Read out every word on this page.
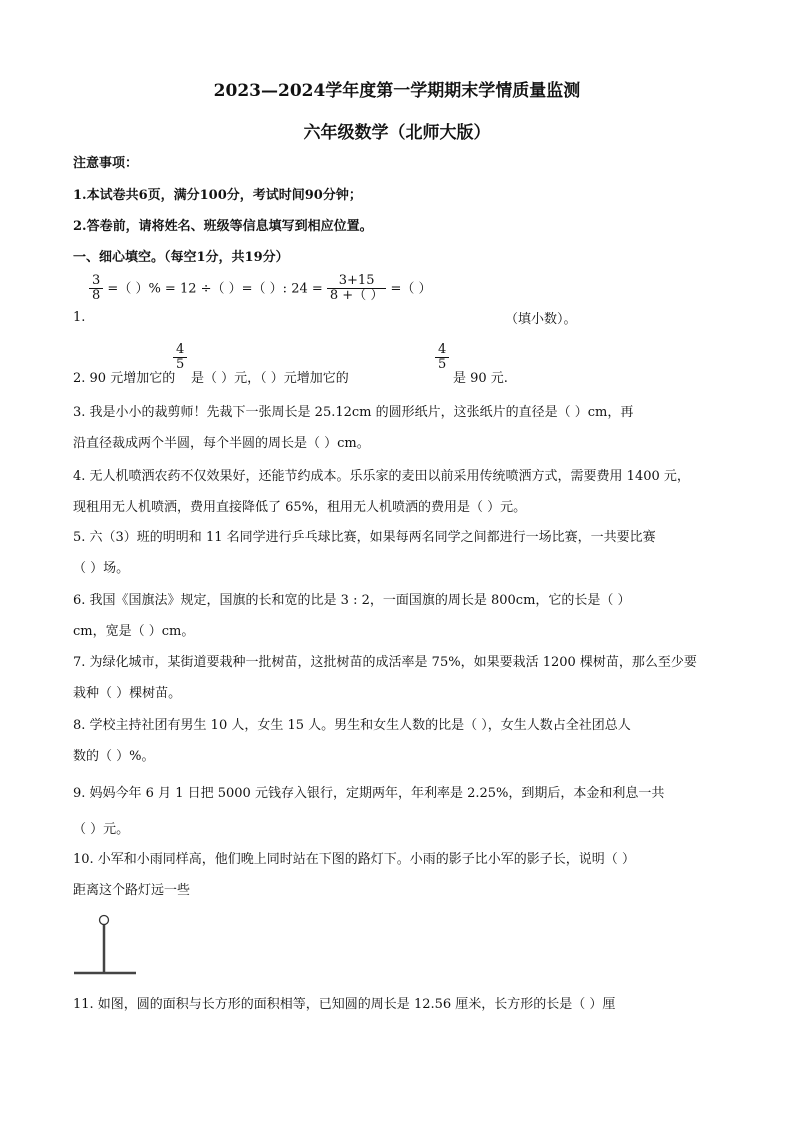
2023—2024学年度第一学期期末学情质量监测
六年级数学（北师大版）
注意事项：
1.本试卷共6页，满分100分，考试时间90分钟；
2.答卷前，请将姓名、班级等信息填写到相应位置。
一、细心填空。（每空1分，共19分）
1.
$\frac{3}{8}$ =（ ）% = 12 ÷（ ）=（ ）: $24 = \frac{3+15}{8 +( )}$ =（ ）
（填小数）。
2. 90 元增加它的
$\frac{4}{5}$
是（ ）元，（ ）元增加它的
$\frac{4}{5}$
是 90 元.
3. 我是小小的裁剪师！先裁下一张周长是 25.12cm 的圆形纸片，这张纸片的直径是（ ）cm，再
沿直径裁成两个半圆，每个半圆的周长是（ ）cm。
4. 无人机喷洒农药不仅效果好，还能节约成本。乐乐家的麦田以前采用传统喷洒方式，需要费用 1400 元，
现租用无人机喷洒，费用直接降低了 65%，租用无人机喷洒的费用是（ ）元。
5. 六（3）班的明明和 11 名同学进行乒乓球比赛，如果每两名同学之间都进行一场比赛，一共要比赛
（ ）场。
6. 我国《国旗法》规定，国旗的长和宽的比是 3 : 2，一面国旗的周长是 800cm，它的长是（ ）
cm，宽是（ ）cm。
7. 为绿化城市，某街道要栽种一批树苗，这批树苗的成活率是 75%，如果要栽活 1200 棵树苗，那么至少要
栽种（ ）棵树苗。
8. 学校主持社团有男生 10 人，女生 15 人。男生和女生人数的比是（ ），女生人数占全社团总人
数的（ ）%。
9. 妈妈今年 6 月 1 日把 5000 元钱存入银行，定期两年，年利率是 2.25%，到期后，本金和利息一共
（ ）元。
10. 小军和小雨同样高，他们晚上同时站在下图的路灯下。小雨的影子比小军的影子长，说明（ ）
距离这个路灯远一些
11. 如图，圆的面积与长方形的面积相等，已知圆的周长是 12.56 厘米，长方形的长是（ ）厘
